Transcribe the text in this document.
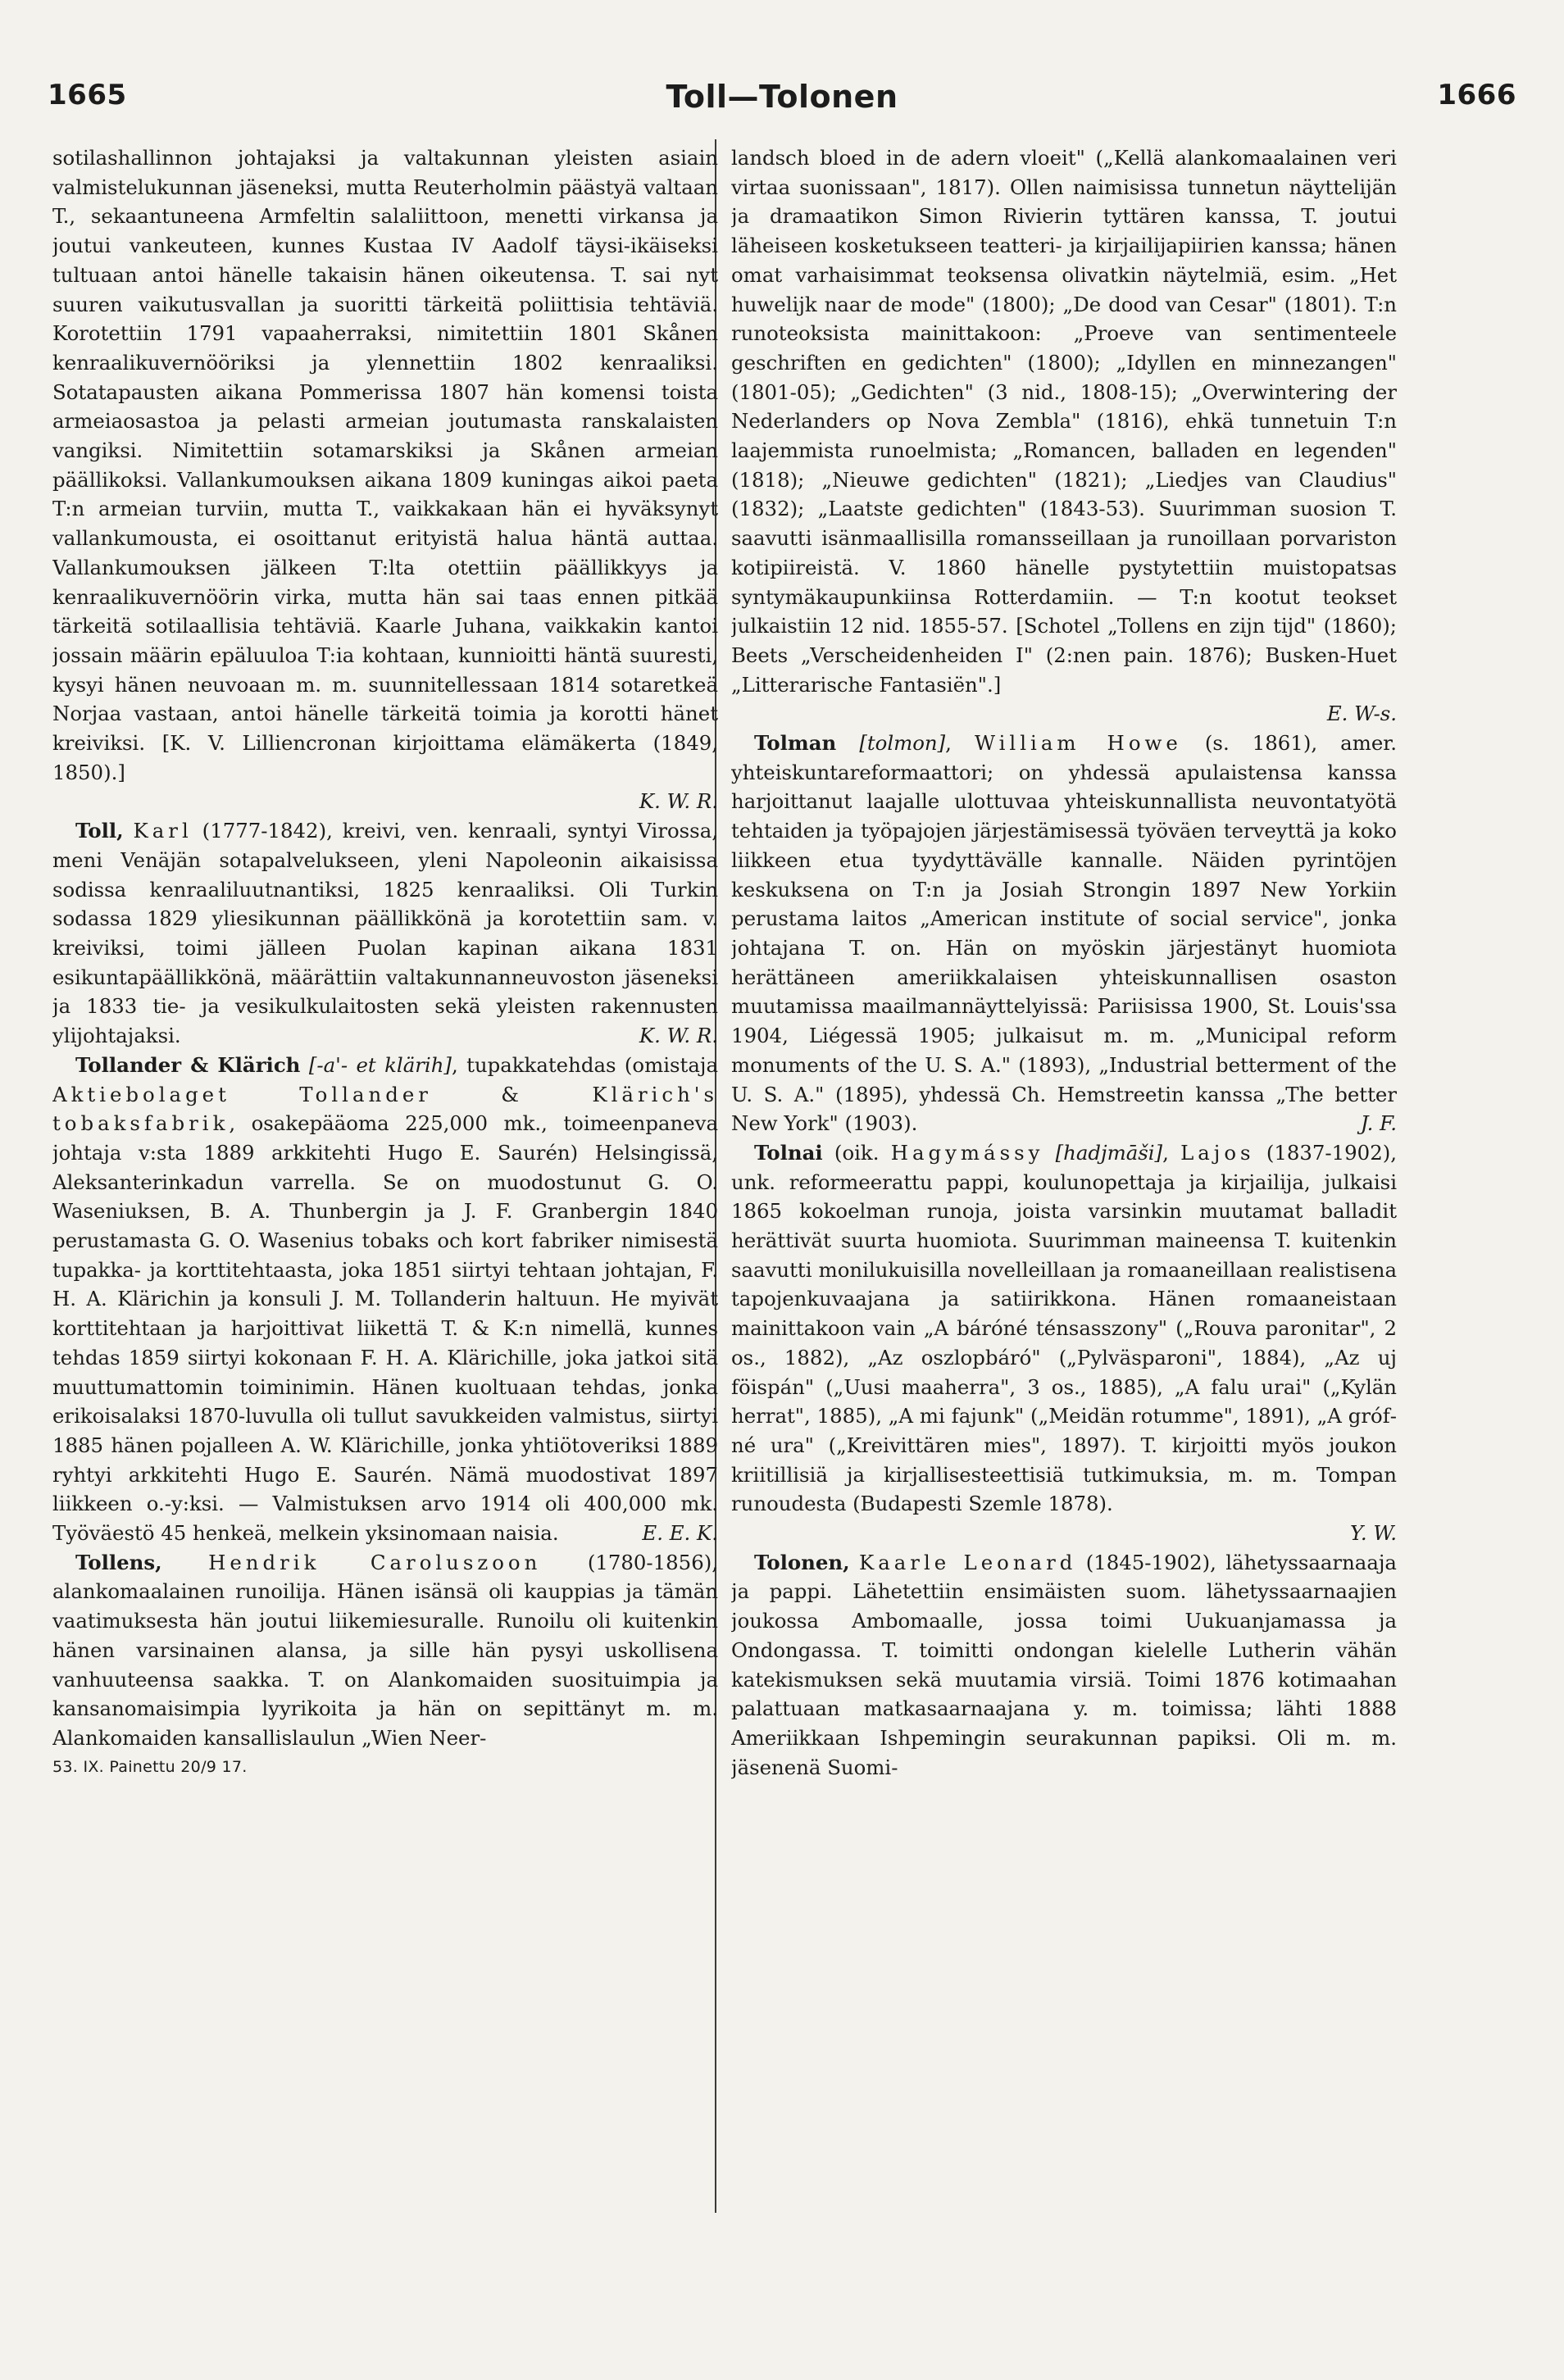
1665	Toll—Tolonen	1666

sotilashallinnon johtajaksi ja valtakunnan yleisten asiain valmistelukunnan jäseneksi, mutta Reuterholmin päästyä valtaan T., sekaantuneena Armfeltin salaliittoon, menetti virkansa ja joutui vankeuteen, kunnes Kustaa IV Aadolf täysi-ikäiseksi tultuaan antoi hänelle takaisin hänen oikeutensa. T. sai nyt suuren vaikutusvallan ja suoritti tärkeitä poliittisia tehtäviä. Korotettiin 1791 vapaaherraksi, nimitettiin 1801 Skånen kenraalikuvernööriksi ja ylennettiin 1802 kenraaliksi. Sotatapausten aikana Pommerissa 1807 hän komensi toista armeiaosastoa ja pelasti armeian joutumasta ranskalaisten vangiksi. Nimitettiin sotamarskiksi ja Skånen armeian päällikoksi. Vallankumouksen aikana 1809 kuningas aikoi paeta T:n armeian turviin, mutta T., vaikkakaan hän ei hyväksynyt vallankumousta, ei osoittanut erityistä halua häntä auttaa. Vallankumouksen jälkeen T:lta otettiin päällikkyys ja kenraalikuvernöörin virka, mutta hän sai taas ennen pitkää tärkeitä sotilaallisia tehtäviä. Kaarle Juhana, vaikkakin kantoi jossain määrin epäluuloa T:ia kohtaan, kunnioitti häntä suuresti, kysyi hänen neuvoaan m. m. suunnitellessaan 1814 sotaretkeä Norjaa vastaan, antoi hänelle tärkeitä toimia ja korotti hänet kreiviksi. [K. V. Lilliencronan kirjoittama elämäkerta (1849, 1850).]

K. W. R.

Toll, Karl (1777-1842), kreivi, ven. kenraali, syntyi Virossa, meni Venäjän sotapalvelukseen, yleni Napoleonin aikaisissa sodissa kenraaliluutnantiksi, 1825 kenraaliksi. Oli Turkin sodassa 1829 yliesikunnan päällikkönä ja korotettiin sam. v. kreiviksi, toimi jälleen Puolan kapinan aikana 1831 esikuntapäällikkönä, määrättiin valtakunnanneuvoston jäseneksi ja 1833 tie- ja vesikulkulaitosten sekä yleisten rakennusten ylijohtajaksi.	K. W. R.

Tollander & Klärich [-a'- et klärih], tupakkatehdas (omistaja Aktiebolaget Tollander & Klärich's tobaksfabrik, osakepääoma 225,000 mk., toimeenpaneva johtaja v:sta 1889 arkkitehti Hugo E. Saurén) Helsingissä, Aleksanterinkadun varrella. Se on muodostunut G. O. Waseniuksen, B. A. Thunbergin ja J. F. Granbergin 1840 perustamasta G. O. Wasenius tobaks och kort fabriker nimisestä tupakka- ja korttitehtaasta, joka 1851 siirtyi tehtaan johtajan, F. H. A. Klärichin ja konsuli J. M. Tollanderin haltuun. He myivät korttitehtaan ja harjoittivat liikettä T. & K:n nimellä, kunnes tehdas 1859 siirtyi kokonaan F. H. A. Klärichille, joka jatkoi sitä muuttumattomin toiminimin. Hänen kuoltuaan tehdas, jonka erikoisalaksi 1870-luvulla oli tullut savukkeiden valmistus, siirtyi 1885 hänen pojalleen A. W. Klärichille, jonka yhtiötoveriksi 1889 ryhtyi arkkitehti Hugo E. Saurén. Nämä muodostivat 1897 liikkeen o.-y:ksi. — Valmistuksen arvo 1914 oli 400,000 mk. Työväestö 45 henkeä, melkein yksinomaan naisia.	E. E. K.

Tollens, Hendrik Caroluszoon (1780-1856), alankomaalainen runoilija. Hänen isänsä oli kauppias ja tämän vaatimuksesta hän joutui liikemiesuralle. Runoilu oli kuitenkin hänen varsinainen alansa, ja sille hän pysyi uskollisena vanhuuteensa saakka. T. on Alankomaiden suosituimpia ja kansanomaisimpia lyyrikoita ja hän on sepittänyt m. m. Alankomaiden kansallislaulun „Wien Neer-

53. IX. Painettu 20/9 17.

landsch bloed in de adern vloeit" („Kellä alankomaalainen veri virtaa suonissaan", 1817). Ollen naimisissa tunnetun näyttelijän ja dramaatikon Simon Rivierin tyttären kanssa, T. joutui läheiseen kosketukseen teatteri- ja kirjailijapiirien kanssa; hänen omat varhaisimmat teoksensa olivatkin näytelmiä, esim. „Het huwelijk naar de mode" (1800); „De dood van Cesar" (1801). T:n runoteoksista mainittakoon: „Proeve van sentimenteele geschriften en gedichten" (1800); „Idyllen en minnezangen" (1801-05); „Gedichten" (3 nid., 1808-15); „Overwintering der Nederlanders op Nova Zembla" (1816), ehkä tunnetuin T:n laajemmista runoelmista; „Romancen, balladen en legenden" (1818); „Nieuwe gedichten" (1821); „Liedjes van Claudius" (1832); „Laatste gedichten" (1843-53). Suurimman suosion T. saavutti isänmaallisilla romansseillaan ja runoillaan porvariston kotipiireistä. V. 1860 hänelle pystytettiin muistopatsas syntymäkaupunkiinsa Rotterdamiin. — T:n kootut teokset julkaistiin 12 nid. 1855-57. [Schotel „Tollens en zijn tijd" (1860); Beets „Verscheidenheiden I" (2:nen pain. 1876); Busken-Huet „Litterarische Fantasiën".]

E. W-s.

Tolman [tolmon], William Howe (s. 1861), amer. yhteiskuntareformaattori; on yhdessä apulaistensa kanssa harjoittanut laajalle ulottuvaa yhteiskunnallista neuvontatyötä tehtaiden ja työpajojen järjestämisessä työväen terveyttä ja koko liikkeen etua tyydyttävälle kannalle. Näiden pyrintöjen keskuksena on T:n ja Josiah Strongin 1897 New Yorkiin perustama laitos „American institute of social service", jonka johtajana T. on. Hän on myöskin järjestänyt huomiota herättäneen ameriikkalaisen yhteiskunnallisen osaston muutamissa maailmannäyttelyissä: Pariisissa 1900, St. Louis'ssa 1904, Liégessä 1905; julkaisut m. m. „Municipal reform monuments of the U. S. A." (1893), „Industrial betterment of the U. S. A." (1895), yhdessä Ch. Hemstreetin kanssa „The better New York" (1903).	J. F.

Tolnai (oik. Hagymássy [hadjmāši], Lajos (1837-1902), unk. reformeerattu pappi, koulunopettaja ja kirjailija, julkaisi 1865 kokoelman runoja, joista varsinkin muutamat balladit herättivät suurta huomiota. Suurimman maineensa T. kuitenkin saavutti monilukuisilla novelleillaan ja romaaneillaan realistisena tapojenkuvaajana ja satiirikkona. Hänen romaaneistaan mainittakoon vain „A báróné ténsasszony" („Rouva paronitar", 2 os., 1882), „Az oszlopbáró" („Pylväsparoni", 1884), „Az uj föispán" („Uusi maaherra", 3 os., 1885), „A falu urai" („Kylän herrat", 1885), „A mi fajunk" („Meidän rotumme", 1891), „A grófné ura" („Kreivittären mies", 1897). T. kirjoitti myös joukon kriitillisiä ja kirjallisesteettisiä tutkimuksia, m. m. Tompan runoudesta (Budapesti Szemle 1878).

Y. W.

Tolonen, Kaarle Leonard (1845-1902), lähetyssaarnaaja ja pappi. Lähetettiin ensimäisten suom. lähetyssaarnaajien joukossa Ambomaalle, jossa toimi Uukuanjamassa ja Ondongassa. T. toimitti ondongan kielelle Lutherin vähän katekismuksen sekä muutamia virsiä. Toimi 1876 kotimaahan palattuaan matkasaarnaajana y. m. toimissa; lähti 1888 Ameriikkaan Ishpemingin seurakunnan papiksi. Oli m. m. jäsenenä Suomi-
